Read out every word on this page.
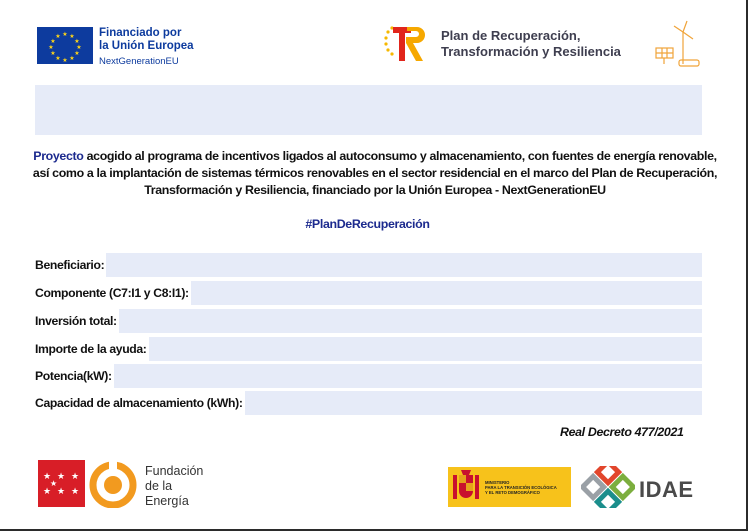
★ ★
★
★
★
★
★
★
★
★
★
★	Financiado por
la Unión Europea
NextGenerationEU
Plan de Recuperación,
Transformación y Resiliencia
Proyecto acogido al programa de incentivos ligados al autoconsumo y almacenamiento, con fuentes de energía renovable, así como a la implantación de sistemas térmicos renovables en el sector residencial en el marco del Plan de Recuperación, Transformación y Resiliencia, financiado por la Unión Europea - NextGenerationEU
#PlanDeRecuperación
Beneficiario:
Componente (C7:I1 y C8:I1):
Inversión total:
Importe de la ayuda:
Potencia(kW):
Capacidad de almacenamiento (kWh):
Real Decreto 477/2021
★ ★ ★
★ ★ ★
★
Fundación
de la
Energía
MINISTERIO
PARA LA TRANSICIÓN ECOLÓGICA
Y EL RETO DEMOGRÁFICO	IDAE
